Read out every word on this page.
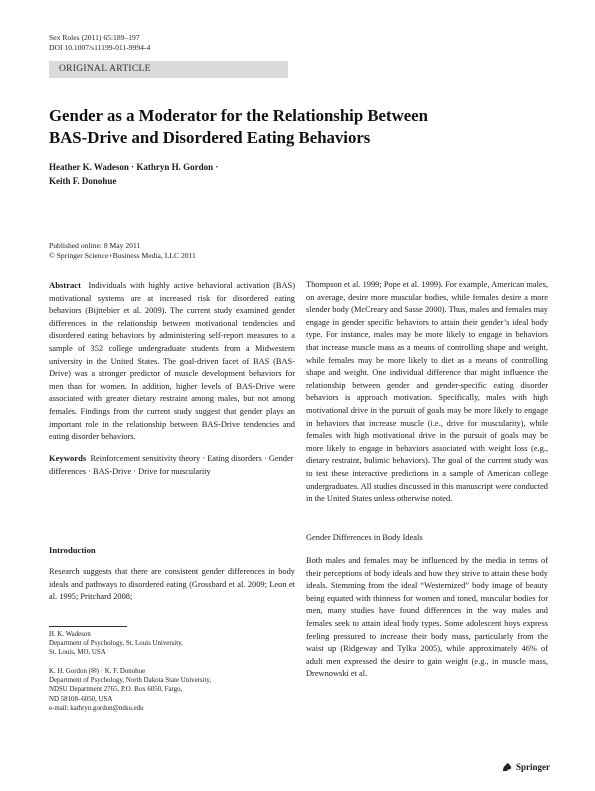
Sex Roles (2011) 65:189–197
DOI 10.1007/s11199-011-9994-4
ORIGINAL ARTICLE
Gender as a Moderator for the Relationship Between
BAS-Drive and Disordered Eating Behaviors
Heather K. Wadeson · Kathryn H. Gordon ·
Keith F. Donohue
Published online: 8 May 2011
© Springer Science+Business Media, LLC 2011

Abstract Individuals with highly active behavioral activation (BAS) motivational systems are at increased risk for disordered eating behaviors (Bijttebier et al. 2009). The current study examined gender differences in the relationship between motivational tendencies and disordered eating behaviors by administering self-report measures to a sample of 352 college undergraduate students from a Midwestern university in the United States. The goal-driven facet of BAS (BAS-Drive) was a stronger predictor of muscle development behaviors for men than for women. In addition, higher levels of BAS-Drive were associated with greater dietary restraint among males, but not among females. Findings from the current study suggest that gender plays an important role in the relationship between BAS-Drive tendencies and eating disorder behaviors.

Keywords Reinforcement sensitivity theory · Eating disorders · Gender differences · BAS-Drive · Drive for muscularity

Introduction
Research suggests that there are consistent gender differences in body ideals and pathways to disordered eating (Grossbard et al. 2009; Leon et al. 1995; Pritchard 2008;
H. K. Wadeson
Department of Psychology, St. Louis University,
St. Louis, MO, USA
K. H. Gordon (✉) · K. F. Donohue
Department of Psychology, North Dakota State University,
NDSU Department 2765, P.O. Box 6050, Fargo,
ND 58108–6050, USA
e-mail: kathryn.gordon@ndsu.edu
Thompson et al. 1999; Pope et al. 1999). For example, American males, on average, desire more muscular bodies, while females desire a more slender body (McCreary and Sasse 2000). Thus, males and females may engage in gender specific behaviors to attain their gender’s ideal body type. For instance, males may be more likely to engage in behaviors that increase muscle mass as a means of controlling shape and weight, while females may be more likely to diet as a means of controlling shape and weight. One individual difference that might influence the relationship between gender and gender-specific eating disorder behaviors is approach motivation. Specifically, males with high motivational drive in the pursuit of goals may be more likely to engage in behaviors that increase muscle (i.e., drive for muscularity), while females with high motivational drive in the pursuit of goals may be more likely to engage in behaviors associated with weight loss (e.g., dietary restraint, bulimic behaviors). The goal of the current study was to test these interactive predictions in a sample of American college undergraduates. All studies discussed in this manuscript were conducted in the United States unless otherwise noted.
Gender Differences in Body Ideals
Both males and females may be influenced by the media in terms of their perceptions of body ideals and how they strive to attain these body ideals. Stemming from the ideal “Westernized” body image of beauty being equated with thinness for women and toned, muscular bodies for men, many studies have found differences in the way males and females seek to attain ideal body types. Some adolescent boys express feeling pressured to increase their body mass, particularly from the waist up (Ridgeway and Tylka 2005), while approximately 46% of adult men expressed the desire to gain weight (e.g., in muscle mass, Drewnowski et al.
Springer
